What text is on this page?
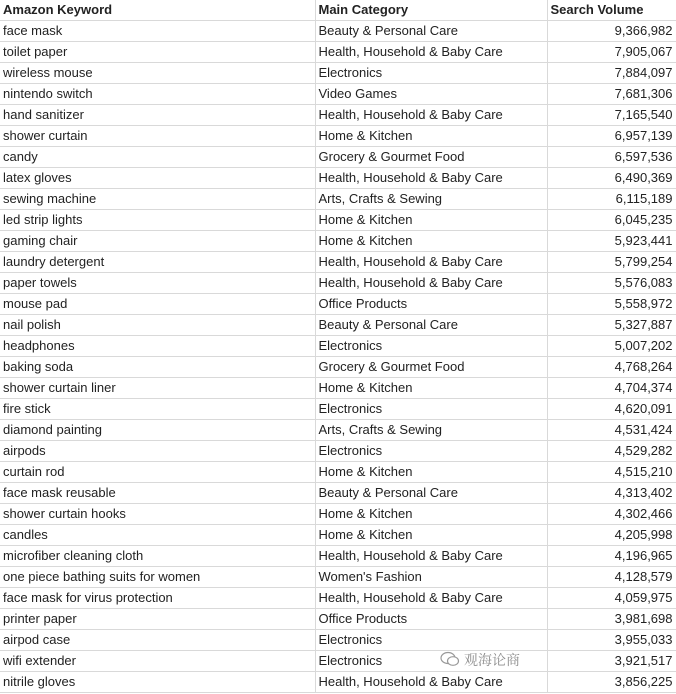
Amazon Keyword	Main Category	Search Volume
face mask	Beauty & Personal Care	9,366,982
toilet paper	Health, Household & Baby Care	7,905,067
wireless mouse	Electronics	7,884,097
nintendo switch	Video Games	7,681,306
hand sanitizer	Health, Household & Baby Care	7,165,540
shower curtain	Home & Kitchen	6,957,139
candy	Grocery & Gourmet Food	6,597,536
latex gloves	Health, Household & Baby Care	6,490,369
sewing machine	Arts, Crafts & Sewing	6,115,189
led strip lights	Home & Kitchen	6,045,235
gaming chair	Home & Kitchen	5,923,441
laundry detergent	Health, Household & Baby Care	5,799,254
paper towels	Health, Household & Baby Care	5,576,083
mouse pad	Office Products	5,558,972
nail polish	Beauty & Personal Care	5,327,887
headphones	Electronics	5,007,202
baking soda	Grocery & Gourmet Food	4,768,264
shower curtain liner	Home & Kitchen	4,704,374
fire stick	Electronics	4,620,091
diamond painting	Arts, Crafts & Sewing	4,531,424
airpods	Electronics	4,529,282
curtain rod	Home & Kitchen	4,515,210
face mask reusable	Beauty & Personal Care	4,313,402
shower curtain hooks	Home & Kitchen	4,302,466
candles	Home & Kitchen	4,205,998
microfiber cleaning cloth	Health, Household & Baby Care	4,196,965
one piece bathing suits for women	Women's Fashion	4,128,579
face mask for virus protection	Health, Household & Baby Care	4,059,975
printer paper	Office Products	3,981,698
airpod case	Electronics	3,955,033
wifi extender	Electronics	3,921,517
nitrile gloves	Health, Household & Baby Care	3,856,225
观海论商
